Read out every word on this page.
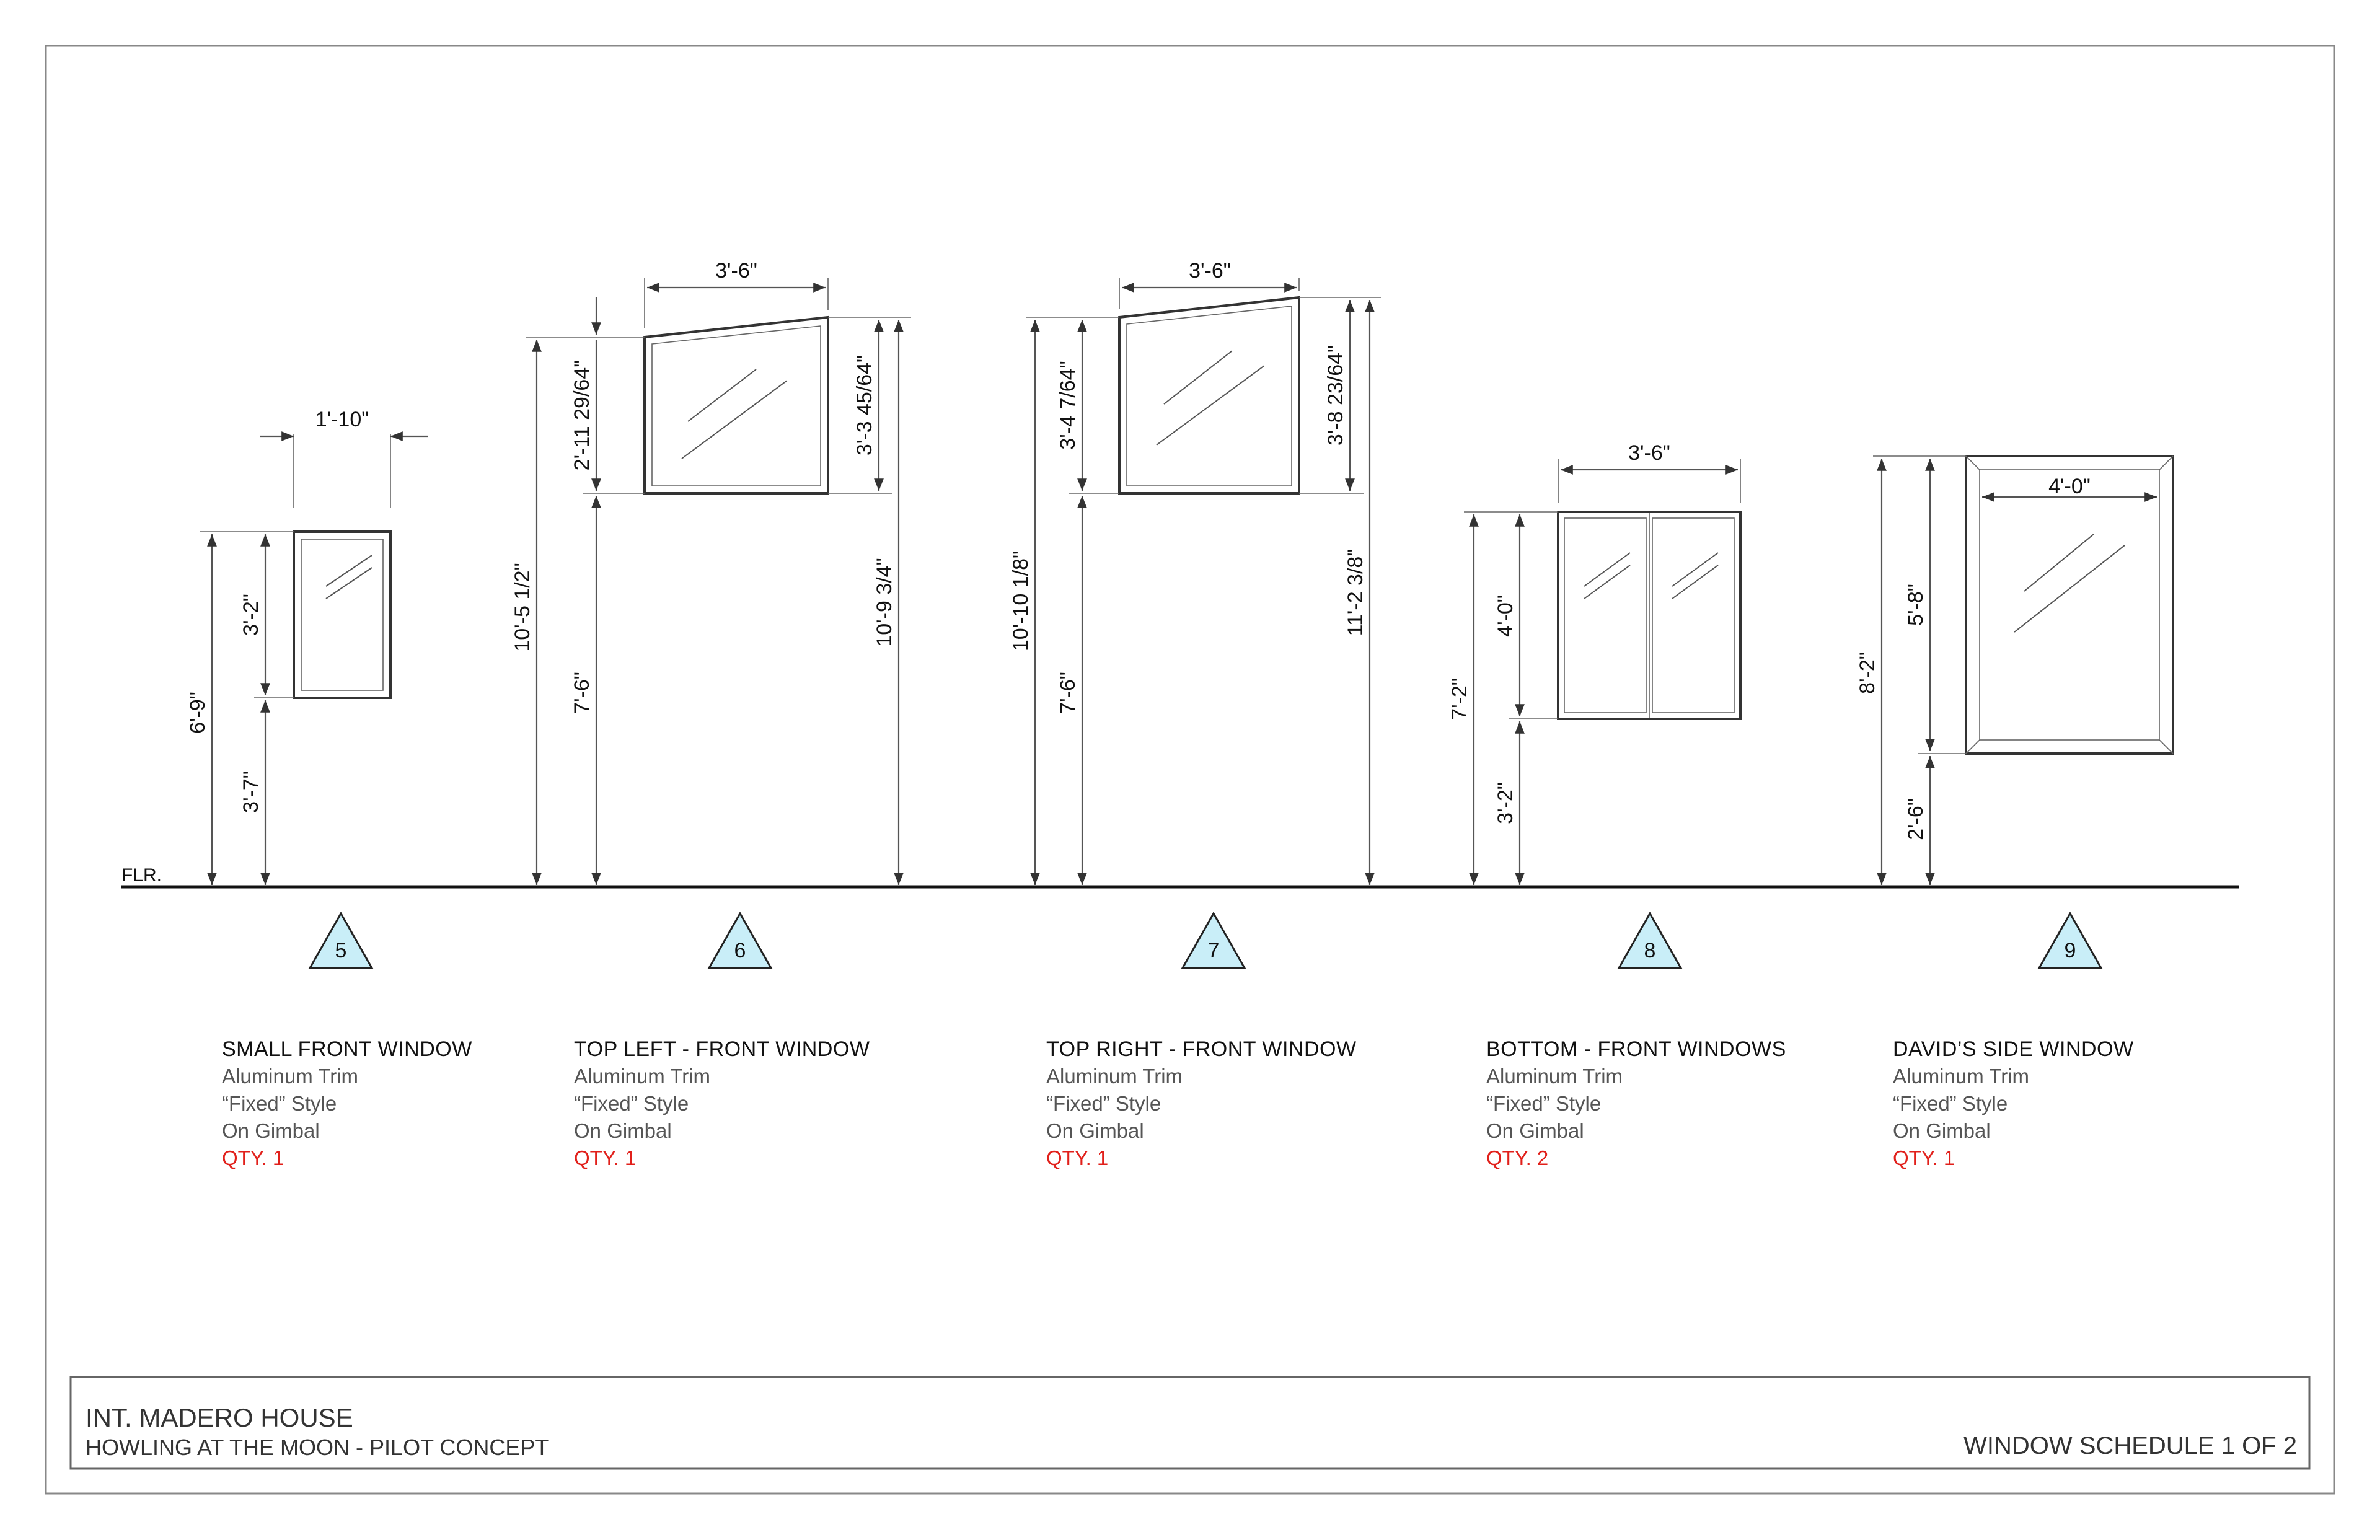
FLR.
1'-10"
6'-9"
3'-2"
3'-7"
3'-6"
10'-5 1/2"
2'-11 29/64"
7'-6"
3'-3 45/64"
10'-9 3/4"
3'-6"
10'-10 1/8"
3'-4 7/64"
7'-6"
3'-8 23/64"
11'-2 3/8"
3'-6"
7'-2"
4'-0"
3'-2"
4'-0"
8'-2"
5'-8"
2'-6"
5	6	7	8	9
SMALL FRONT WINDOW
Aluminum Trim
“Fixed” Style
On Gimbal
QTY. 1
TOP LEFT - FRONT WINDOW
Aluminum Trim
“Fixed” Style
On Gimbal
QTY. 1
TOP RIGHT - FRONT WINDOW
Aluminum Trim
“Fixed” Style
On Gimbal
QTY. 1
BOTTOM - FRONT WINDOWS
Aluminum Trim
“Fixed” Style
On Gimbal
QTY. 2
DAVID’S SIDE WINDOW
Aluminum Trim
“Fixed” Style
On Gimbal
QTY. 1
INT. MADERO HOUSE
HOWLING AT THE MOON - PILOT CONCEPT	WINDOW SCHEDULE 1 OF 2
